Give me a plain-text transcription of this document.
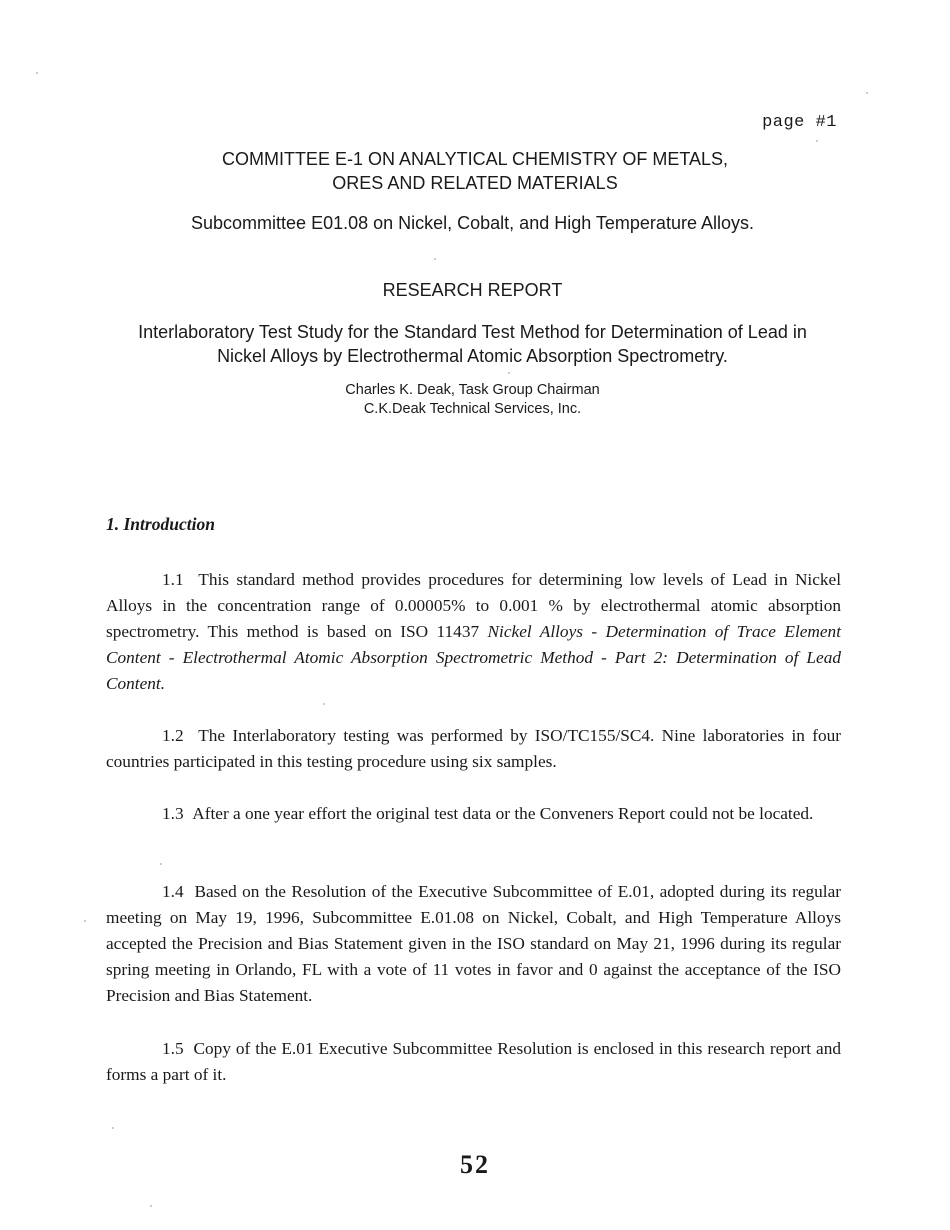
page #1
COMMITTEE E-1 ON ANALYTICAL CHEMISTRY OF METALS,
ORES AND RELATED MATERIALS
Subcommittee E01.08 on Nickel, Cobalt, and High Temperature Alloys.
RESEARCH REPORT
Interlaboratory Test Study for the Standard Test Method for Determination of Lead in
Nickel Alloys by Electrothermal Atomic Absorption Spectrometry.
Charles K. Deak, Task Group Chairman
C.K.Deak Technical Services, Inc.
1. Introduction
1.1 This standard method provides procedures for determining low levels of Lead in Nickel Alloys in the concentration range of 0.00005% to 0.001 % by electrothermal atomic absorption spectrometry. This method is based on ISO 11437 Nickel Alloys - Determination of Trace Element Content - Electrothermal Atomic Absorption Spectrometric Method - Part 2: Determination of Lead Content.
1.2 The Interlaboratory testing was performed by ISO/TC155/SC4. Nine laboratories in four countries participated in this testing procedure using six samples.
1.3 After a one year effort the original test data or the Conveners Report could not be located.
1.4 Based on the Resolution of the Executive Subcommittee of E.01, adopted during its regular meeting on May 19, 1996, Subcommittee E.01.08 on Nickel, Cobalt, and High Temperature Alloys accepted the Precision and Bias Statement given in the ISO standard on May 21, 1996 during its regular spring meeting in Orlando, FL with a vote of 11 votes in favor and 0 against the acceptance of the ISO Precision and Bias Statement.
1.5 Copy of the E.01 Executive Subcommittee Resolution is enclosed in this research report and forms a part of it.
52
